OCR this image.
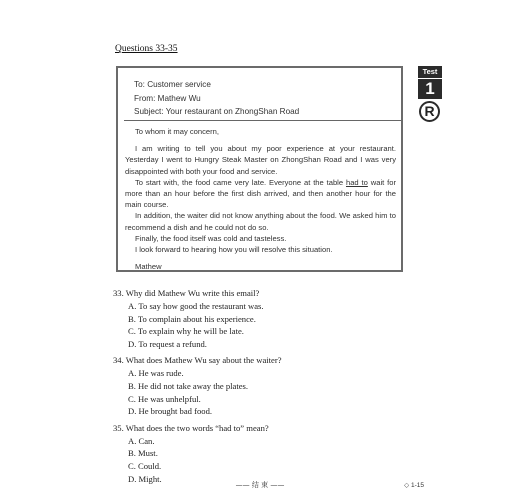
Questions 33-35
To: Customer service
From: Mathew Wu
Subject: Your restaurant on ZhongShan Road

To whom it may concern,

I am writing to tell you about my poor experience at your restaurant. Yesterday I went to Hungry Steak Master on ZhongShan Road and I was very disappointed with both your food and service.

To start with, the food came very late. Everyone at the table had to wait for more than an hour before the first dish arrived, and then another hour for the main course.

In addition, the waiter did not know anything about the food. We asked him to recommend a dish and he could not do so.

Finally, the food itself was cold and tasteless.

I look forward to hearing how you will resolve this situation.

Mathew

Test
1
R
33. Why did Mathew Wu write this email?
A. To say how good the restaurant was.
B. To complain about his experience.
C. To explain why he will be late.
D. To request a refund.
34. What does Mathew Wu say about the waiter?
A. He was rude.
B. He did not take away the plates.
C. He was unhelpful.
D. He brought bad food.
35. What does the two words “had to” mean?
A. Can.
B. Must.
C. Could.
D. Might.
—— 结 束 ——	◇ 1-15
